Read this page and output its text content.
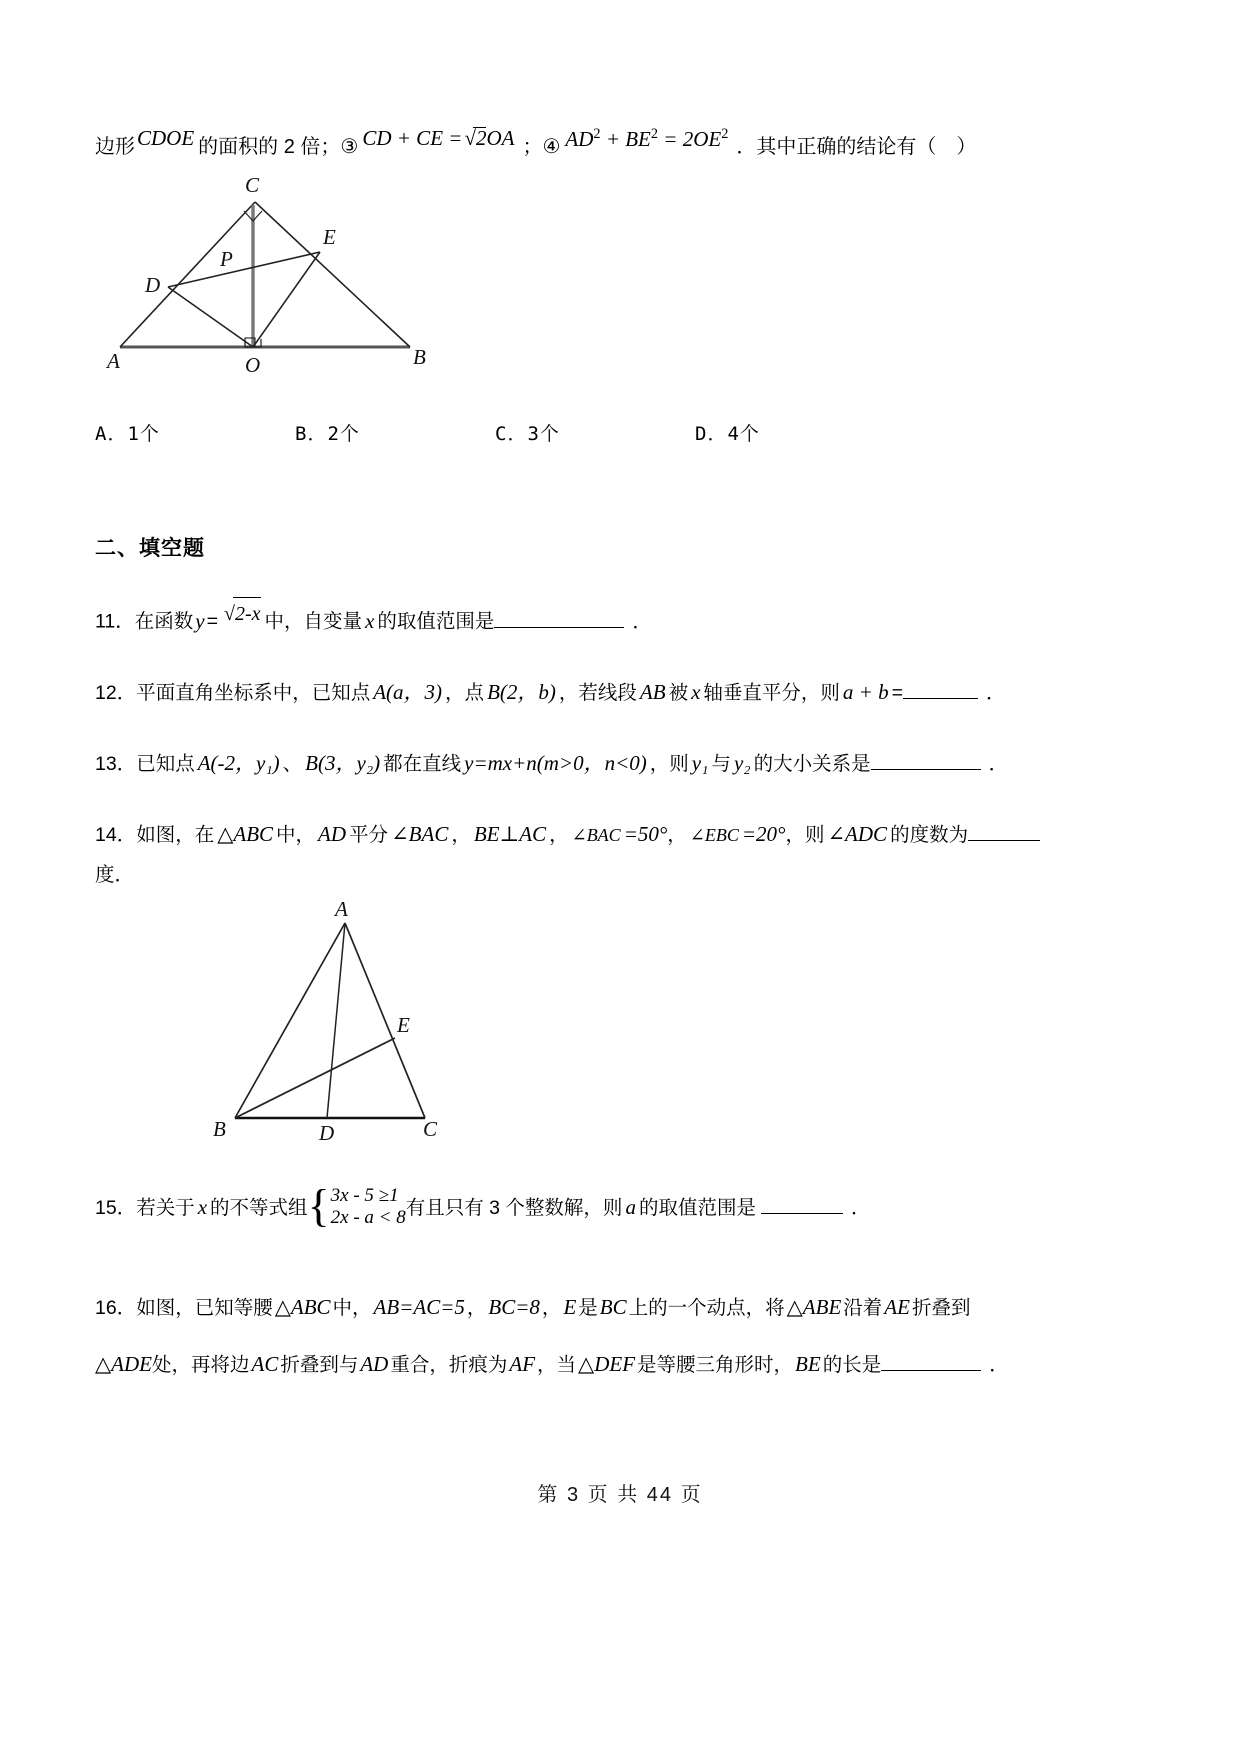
边形 CDOE 的面积的 2 倍；③ CD + CE =√
2OA ；④ $AD^2 + BE^2 = 2OE^2$
．其中正确的结论有（　）
C
E
P
D
A	O	B
A．1个	B．2个	C．3个	D．4个
二、填空题
11．在函数y = √
2-x 中，自变量 x 的取值范围是	．
12．平面直角坐标系中，已知点 A(a，3) ，点 B(2，b) ，若线段 AB 被 x 轴垂直平分，则 a + b =	．
13．已知点 A(-2，y₁) 、 B(3，y₂) 都在直线 y=mx+n(m>0，n<0) ，则 y₁ 与 y₂ 的大小关系是	．
14．如图，在 △ABC 中， AD 平分 ∠BAC ， BE⊥AC ， ∠BAC =50°， ∠EBC =20°，则 ∠ADC 的度数为
度．
A
E
B	D	C
15．若关于 x 的不等式组 { 3x - 5 ≥1
2x - a < 8 有且只有 3 个整数解，则 a 的取值范围是	．
16．如图，已知等腰△ABC 中，AB=AC=5 ，BC=8 ，E 是BC 上的一个动点，将△ABE 沿着AE 折叠到
△ADE处，再将边AC 折叠到与AD 重合，折痕为AF ，当△DEF 是等腰三角形时，BE 的长是	．
第 3 页 共 44 页
